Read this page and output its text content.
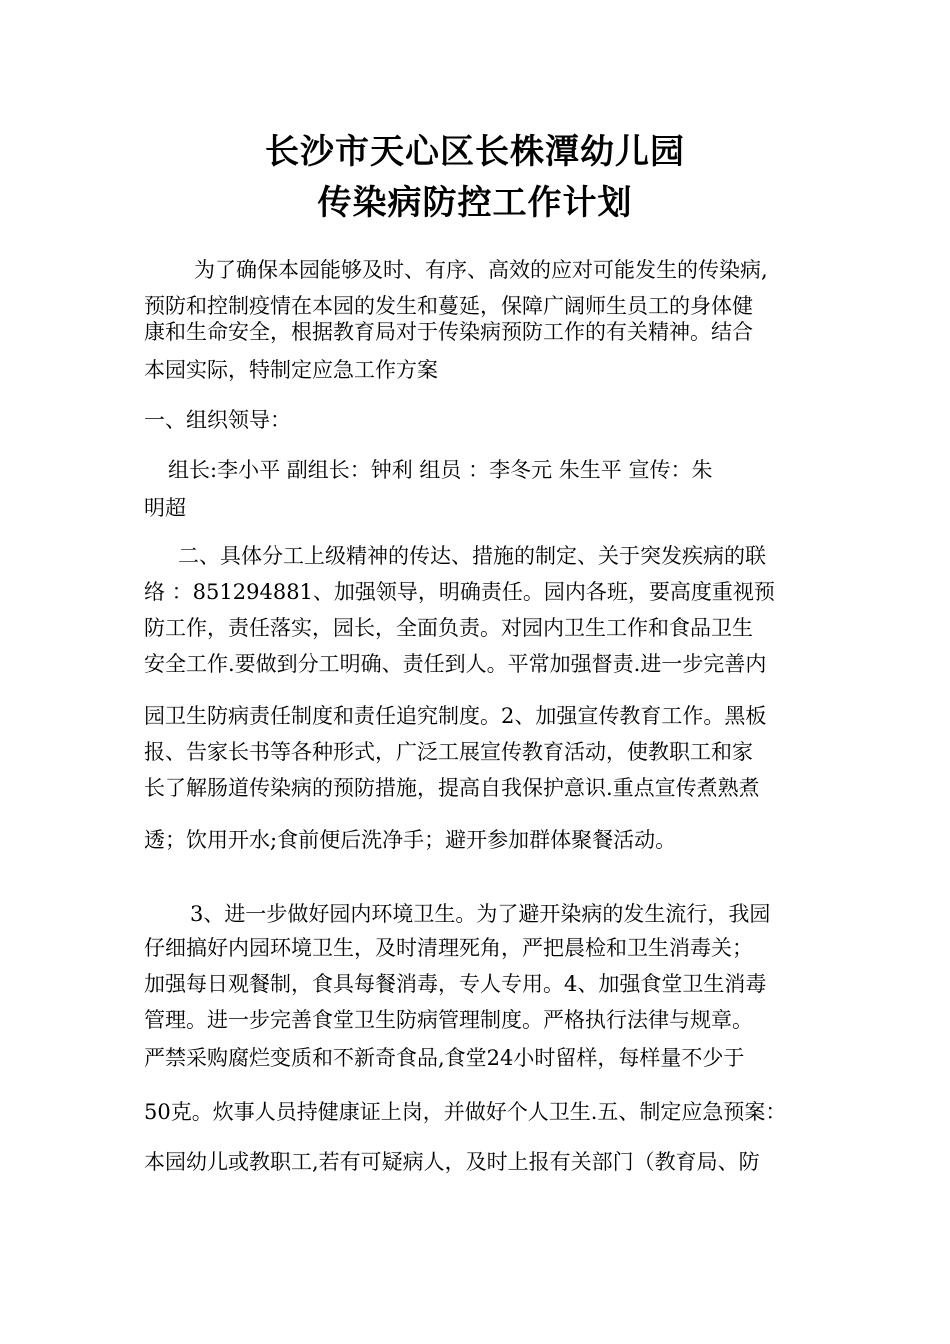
长沙市天心区长株潭幼儿园
传染病防控工作计划
为了确保本园能够及时、有序、高效的应对可能发生的传染病,
预防和控制疫情在本园的发生和蔓延，保障广阔师生员工的身体健
康和生命安全，根据教育局对于传染病预防工作的有关精神。结合
本园实际，特制定应急工作方案
一、组织领导：
组长:李小平 副组长：钟利 组员 ：李冬元 朱生平 宣传：朱
明超
二、具体分工上级精神的传达、措施的制定、关于突发疾病的联
络 ：851294881、加强领导，明确责任。园内各班，要高度重视预
防工作，责任落实，园长，全面负责。对园内卫生工作和食品卫生
安全工作.要做到分工明确、责任到人。平常加强督责.进一步完善内
园卫生防病责任制度和责任追究制度。2、加强宣传教育工作。黑板
报、告家长书等各种形式，广泛工展宣传教育活动，使教职工和家
长了解肠道传染病的预防措施，提高自我保护意识.重点宣传煮熟煮
透；饮用开水;食前便后洗净手；避开参加群体聚餐活动。
3、进一步做好园内环境卫生。为了避开染病的发生流行，我园
仔细搞好内园环境卫生，及时清理死角，严把晨检和卫生消毒关；
加强每日观餐制，食具每餐消毒，专人专用。4、加强食堂卫生消毒
管理。进一步完善食堂卫生防病管理制度。严格执行法律与规章。
严禁采购腐烂变质和不新奇食品,食堂24小时留样，每样量不少于
50克。炊事人员持健康证上岗，并做好个人卫生.五、制定应急预案：
本园幼儿或教职工,若有可疑病人，及时上报有关部门（教育局、防
